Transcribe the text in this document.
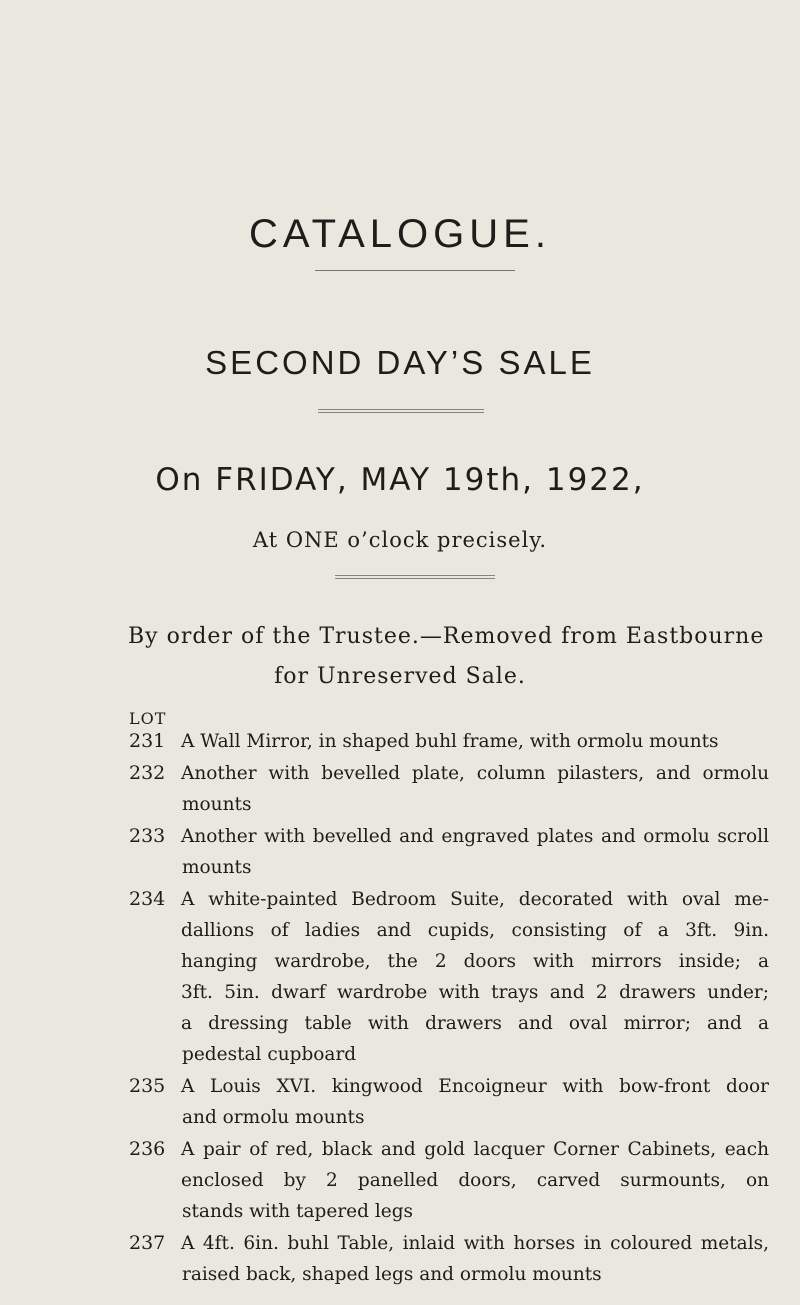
CATALOGUE.
SECOND DAY’S SALE
On FRIDAY, MAY 19th, 1922,
At ONE o’clock precisely.
By order of the Trustee.—Removed from Eastbourne
for Unreserved Sale.
LOT
231 A Wall Mirror, in shaped buhl frame, with ormolu mounts
232 Another with bevelled plate, column pilasters, and ormolu
mounts
233 Another with bevelled and engraved plates and ormolu scroll
mounts
234 A white-painted Bedroom Suite, decorated with oval me-
dallions of ladies and cupids, consisting of a 3ft. 9in.
hanging wardrobe, the 2 doors with mirrors inside; a
3ft. 5in. dwarf wardrobe with trays and 2 drawers under;
a dressing table with drawers and oval mirror; and a
pedestal cupboard
235 A Louis XVI. kingwood Encoigneur with bow-front door
and ormolu mounts
236 A pair of red, black and gold lacquer Corner Cabinets, each
enclosed by 2 panelled doors, carved surmounts, on
stands with tapered legs
237 A 4ft. 6in. buhl Table, inlaid with horses in coloured metals,
raised back, shaped legs and ormolu mounts
